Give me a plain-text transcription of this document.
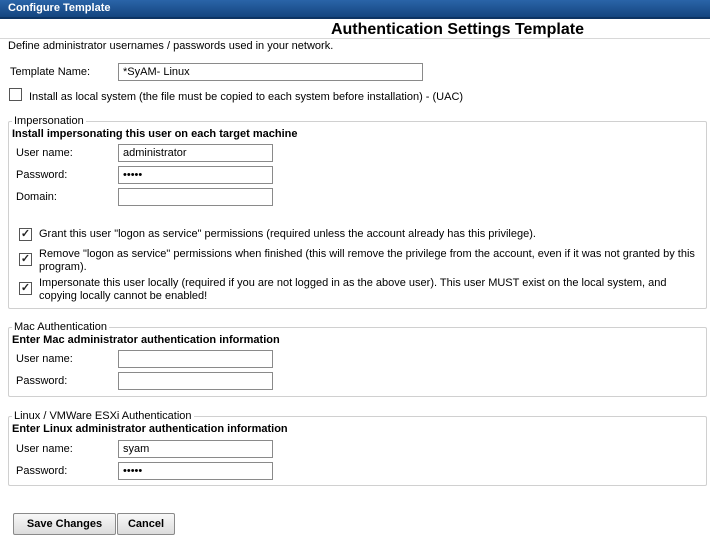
Configure Template
Authentication Settings Template
Define administrator usernames / passwords used in your network.
Template Name:
*SyAM- Linux
Install as local system (the file must be copied to each system before installation) - (UAC)
Impersonation
Install impersonating this user on each target machine
User name:
administrator
Password:
•••••
Domain:
✓ Grant this user "logon as service" permissions (required unless the account already has this privilege).
✓ Remove "logon as service" permissions when finished (this will remove the privilege from the account, even if it was not granted by this program).
✓ Impersonate this user locally (required if you are not logged in as the above user). This user MUST exist on the local system, and copying locally cannot be enabled!
Mac Authentication
Enter Mac administrator authentication information
User name:
Password:
Linux / VMWare ESXi Authentication
Enter Linux administrator authentication information
User name:
syam
Password:
•••••
Save Changes	Cancel
